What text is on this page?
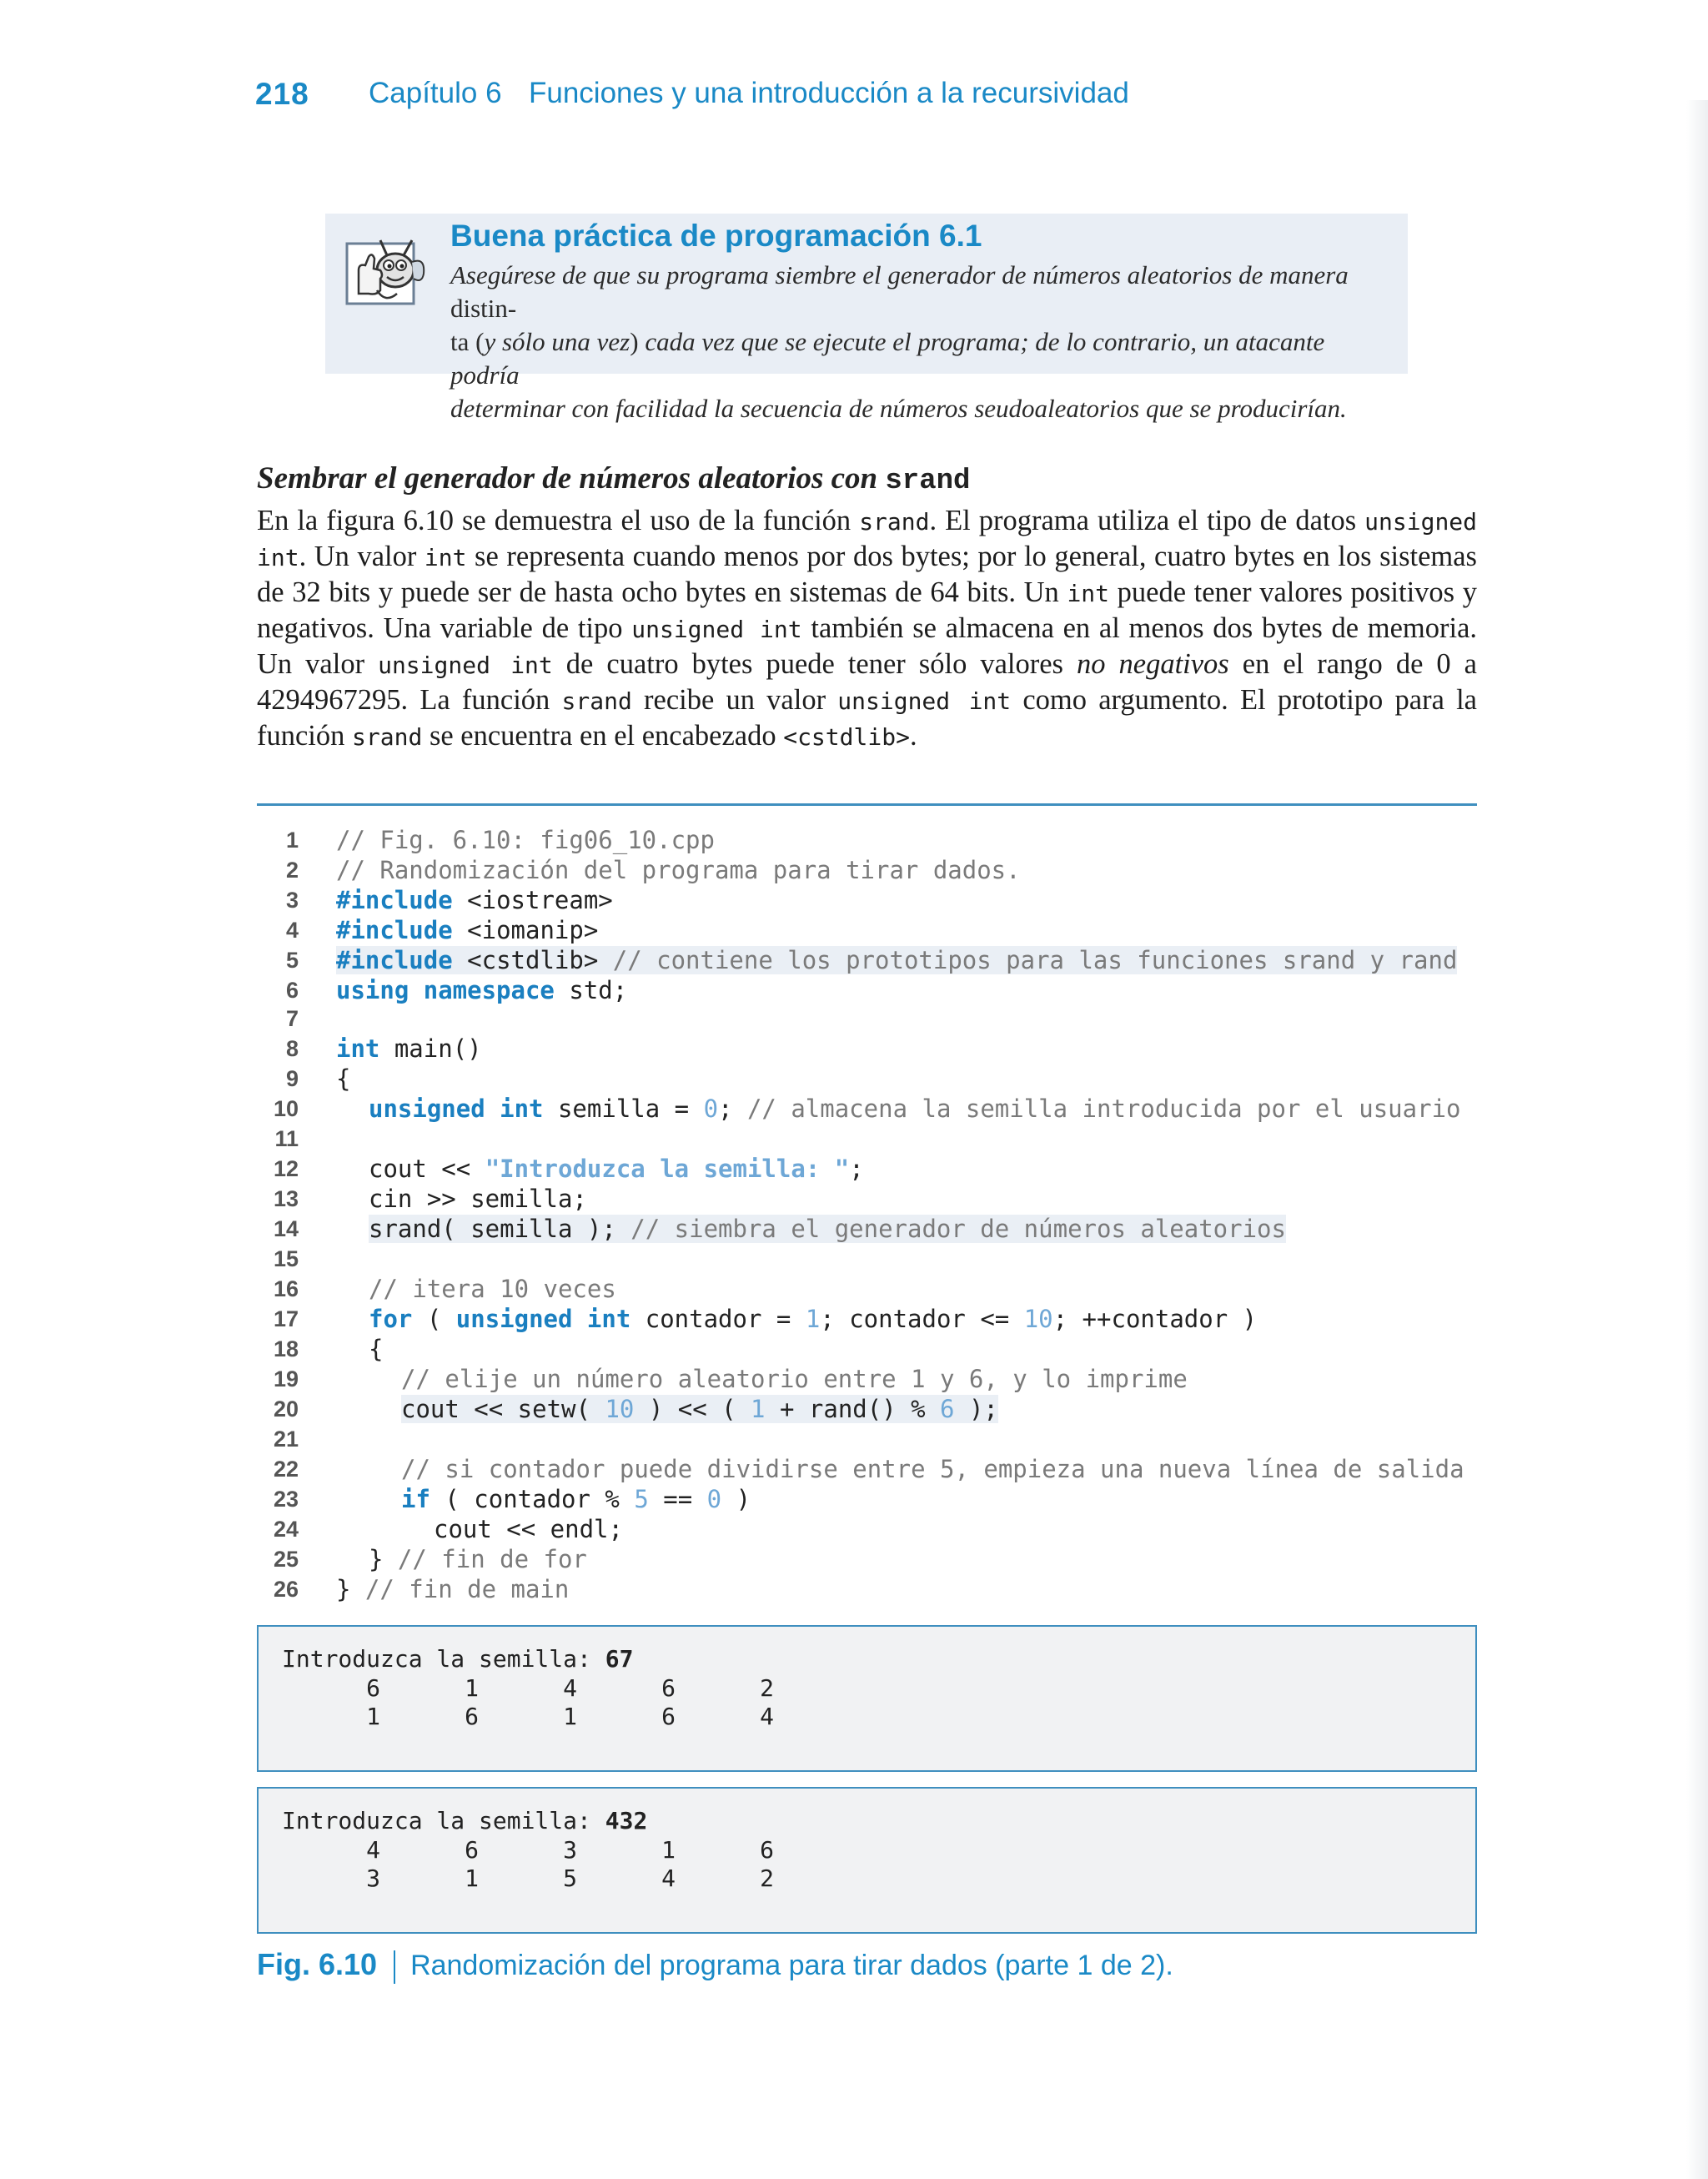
218 Capítulo 6 Funciones y una introducción a la recursividad
Buena práctica de programación 6.1
Asegúrese de que su programa siembre el generador de números aleatorios de manera distin-
ta (y sólo una vez) cada vez que se ejecute el programa; de lo contrario, un atacante podría
determinar con facilidad la secuencia de números seudoaleatorios que se producirían.
Sembrar el generador de números aleatorios con srand
En la figura 6.10 se demuestra el uso de la función srand. El programa utiliza el tipo de datos unsigned
int. Un valor int se representa cuando menos por dos bytes; por lo general, cuatro bytes en los sistemas
de 32 bits y puede ser de hasta ocho bytes en sistemas de 64 bits. Un int puede tener valores positivos y
negativos. Una variable de tipo unsigned int también se almacena en al menos dos bytes de memoria.
Un valor unsigned int de cuatro bytes puede tener sólo valores no negativos en el rango de 0 a
4294967295. La función srand recibe un valor unsigned int como argumento. El prototipo para la
función srand se encuentra en el encabezado <cstdlib>.
1 // Fig. 6.10: fig06_10.cpp
2 // Randomización del programa para tirar dados.
3 #include <iostream>
4 #include <iomanip>
5 #include <cstdlib> // contiene los prototipos para las funciones srand y rand
6 using namespace std;
7
8 int main()
9 {
10	unsigned int semilla = 0; // almacena la semilla introducida por el usuario
11
12	cout << "Introduzca la semilla: ";
13	cin >> semilla;
14	srand( semilla ); // siembra el generador de números aleatorios
15
16	// itera 10 veces
17	for ( unsigned int contador = 1; contador <= 10; ++contador )
18	{
19	// elije un número aleatorio entre 1 y 6, y lo imprime
20	cout << setw( 10 ) << ( 1 + rand() % 6 );
21
22	// si contador puede dividirse entre 5, empieza una nueva línea de salida
23	if ( contador % 5 == 0 )
24	cout << endl;
25	} // fin de for
26 } // fin de main
Introduzca la semilla: 67
6      1      4      6      2
1      6      1      6      4
Introduzca la semilla: 432
4      6      3      1      6
3      1      5      4      2
Fig. 6.10 Randomización del programa para tirar dados (parte 1 de 2).
